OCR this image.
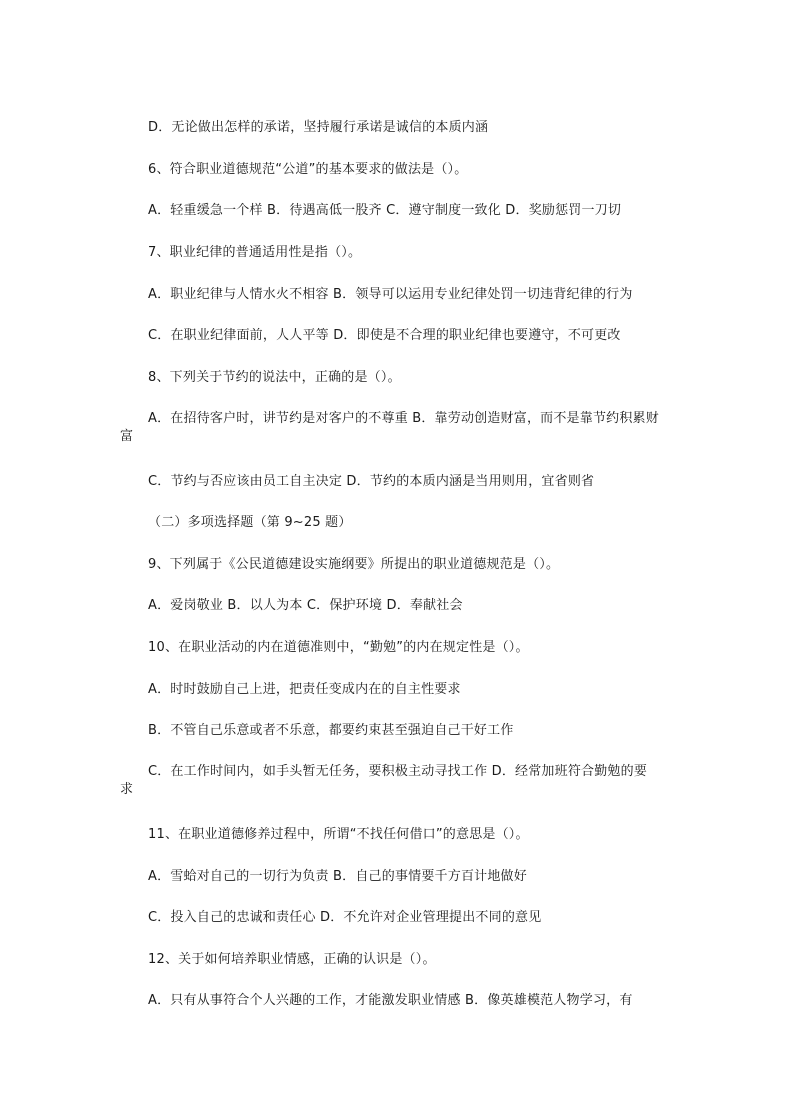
D．无论做出怎样的承诺，坚持履行承诺是诚信的本质内涵
6、符合职业道德规范“公道”的基本要求的做法是（）。
A．轻重缓急一个样 B．待遇高低一股齐 C．遵守制度一致化 D．奖励惩罚一刀切
7、职业纪律的普通适用性是指（）。
A．职业纪律与人情水火不相容 B．领导可以运用专业纪律处罚一切违背纪律的行为
C．在职业纪律面前，人人平等 D．即使是不合理的职业纪律也要遵守，不可更改
8、下列关于节约的说法中，正确的是（）。
A．在招待客户时，讲节约是对客户的不尊重 B．靠劳动创造财富，而不是靠节约积累财富
C．节约与否应该由员工自主决定 D．节约的本质内涵是当用则用，宜省则省
（二）多项选择题（第 9~25 题）
9、下列属于《公民道德建设实施纲要》所提出的职业道德规范是（）。
A．爱岗敬业 B．以人为本 C．保护环境 D．奉献社会
10、在职业活动的内在道德准则中，“勤勉”的内在规定性是（）。
A．时时鼓励自己上进，把责任变成内在的自主性要求
B．不管自己乐意或者不乐意，都要约束甚至强迫自己干好工作
C．在工作时间内，如手头暂无任务，要积极主动寻找工作 D．经常加班符合勤勉的要求
11、在职业道德修养过程中，所谓“不找任何借口”的意思是（）。
A．雪蛤对自己的一切行为负责 B．自己的事情要千方百计地做好
C．投入自己的忠诚和责任心 D．不允许对企业管理提出不同的意见
12、关于如何培养职业情感，正确的认识是（）。
A．只有从事符合个人兴趣的工作，才能激发职业情感 B．像英雄模范人物学习，有
